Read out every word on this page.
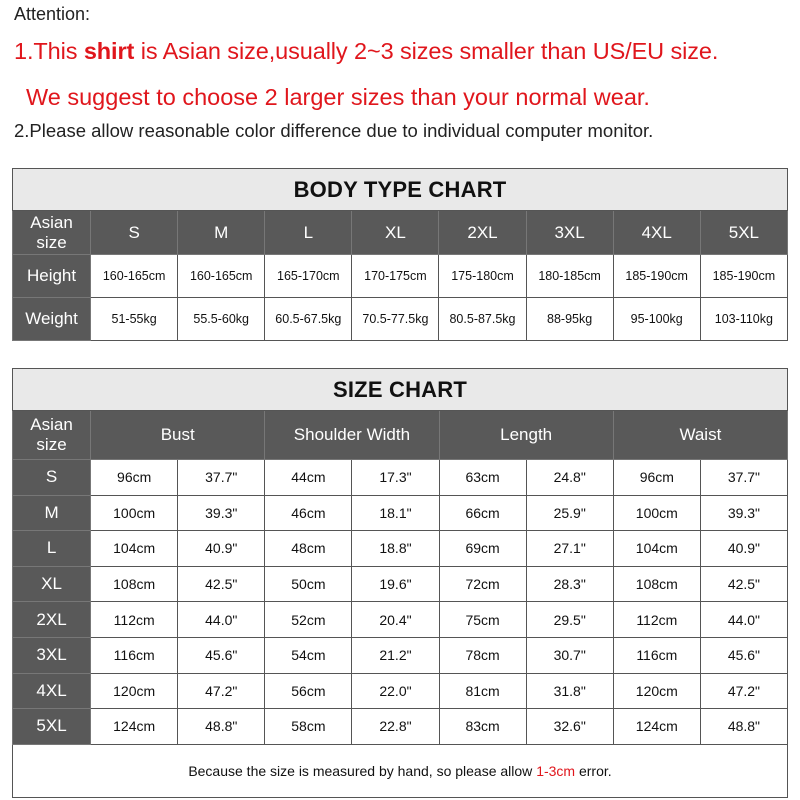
Attention:
1.This shirt is Asian size,usually 2~3 sizes smaller than US/EU size.
We suggest to choose 2 larger sizes than your normal wear.
2.Please allow reasonable color difference due to individual computer monitor.
BODY TYPE CHART								
Asian
size	S	M	L	XL	2XL	3XL	4XL	5XL
Height	160-165cm	160-165cm	165-170cm	170-175cm	175-180cm	180-185cm	185-190cm	185-190cm
Weight	51-55kg	55.5-60kg	60.5-67.5kg	70.5-77.5kg	80.5-87.5kg	88-95kg	95-100kg	103-110kg
SIZE CHART								
Asian
size	Bust		Shoulder Width		Length		Waist	
S	96cm	37.7"	44cm	17.3"	63cm	24.8"	96cm	37.7"
M	100cm	39.3"	46cm	18.1"	66cm	25.9"	100cm	39.3"
L	104cm	40.9"	48cm	18.8"	69cm	27.1"	104cm	40.9"
XL	108cm	42.5"	50cm	19.6"	72cm	28.3"	108cm	42.5"
2XL	112cm	44.0"	52cm	20.4"	75cm	29.5"	112cm	44.0"
3XL	116cm	45.6"	54cm	21.2"	78cm	30.7"	116cm	45.6"
4XL	120cm	47.2"	56cm	22.0"	81cm	31.8"	120cm	47.2"
5XL	124cm	48.8"	58cm	22.8"	83cm	32.6"	124cm	48.8"
Because the size is measured by hand, so please allow 1-3cm error.								
